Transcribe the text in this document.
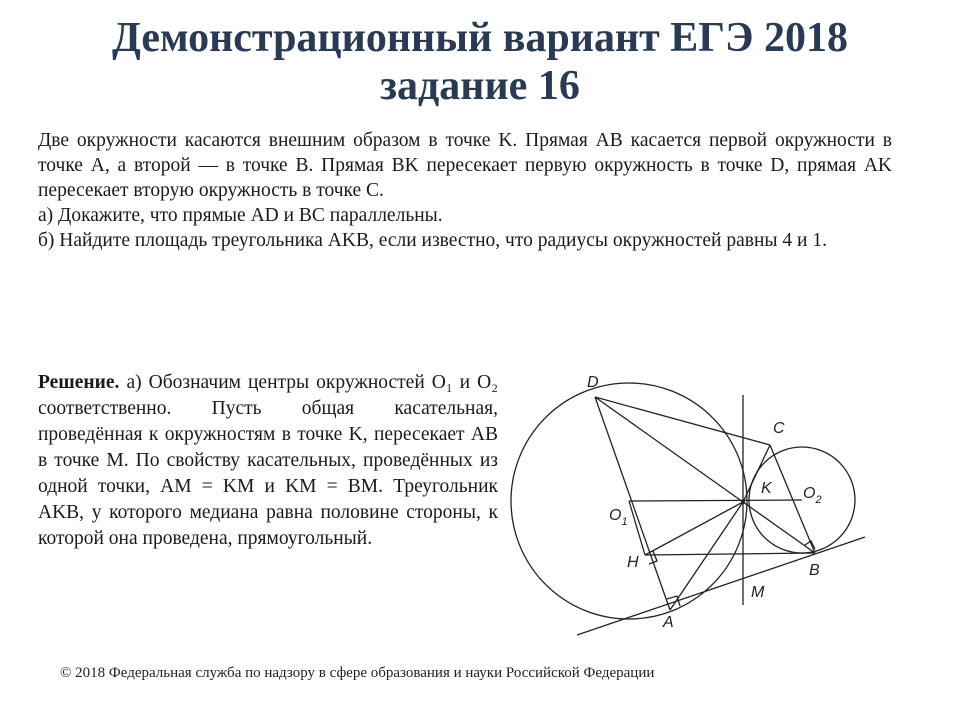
Демонстрационный вариант ЕГЭ 2018
задание 16

Две окружности касаются внешним образом в точке K. Прямая AB касается первой окружности в точке A, а второй — в точке B. Прямая BK пересекает первую окружность в точке D, прямая AK пересекает вторую окружность в точке C.

а) Докажите, что прямые AD и BC параллельны.

б) Найдите площадь треугольника AKB, если известно, что радиусы окружностей равны 4 и 1.

Решение. а) Обозначим центры окружностей O₁ и O₂ соответственно. Пусть общая касательная, проведённая к окружностям в точке K, пересекает AB в точке M. По свойству касательных, проведённых из одной точки, AM = KM и KM = BM. Треугольник AKB, у которого медиана равна половине стороны, к которой она проведена, прямоугольный.
D
C
K
$O_1$
$O_2$
H	B
M
A
© 2018 Федеральная служба по надзору в сфере образования и науки Российской Федерации
